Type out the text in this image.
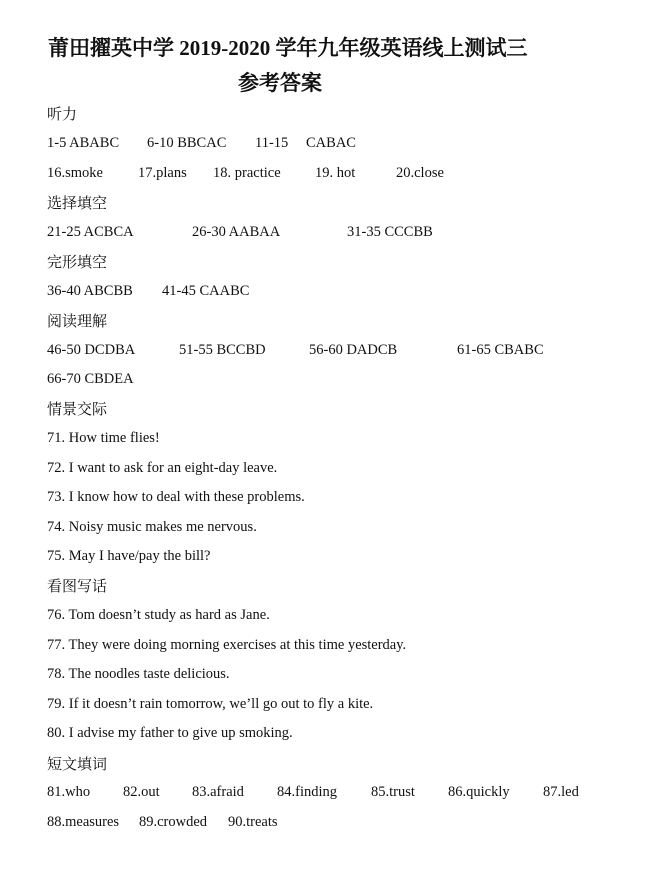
莆田擢英中学 2019-2020 学年九年级英语线上测试三
参考答案
听力
1-5 ABABC 6-10 BBCAC 11-15 CABAC
16.smoke 17.plans 18. practice 19. hot	20.close
选择填空
21-25 ACBCA	26-30 AABAA	31-35 CCCBB
完形填空
36-40 ABCBB 41-45 CAABC
阅读理解
46-50 DCDBA	51-55 BCCBD	56-60 DADCB	61-65 CBABC
66-70 CBDEA
情景交际
71. How time flies!
72. I want to ask for an eight-day leave.
73. I know how to deal with these problems.
74. Noisy music makes me nervous.
75. May I have/pay the bill?
看图写话
76. Tom doesn’t study as hard as Jane.
77. They were doing morning exercises at this time yesterday.
78. The noodles taste delicious.
79. If it doesn’t rain tomorrow, we’ll go out to fly a kite.
80. I advise my father to give up smoking.
短文填词
81.who 82.out 83.afraid 84.finding 85.trust 86.quickly 87.led
88.measures 89.crowded 90.treats
